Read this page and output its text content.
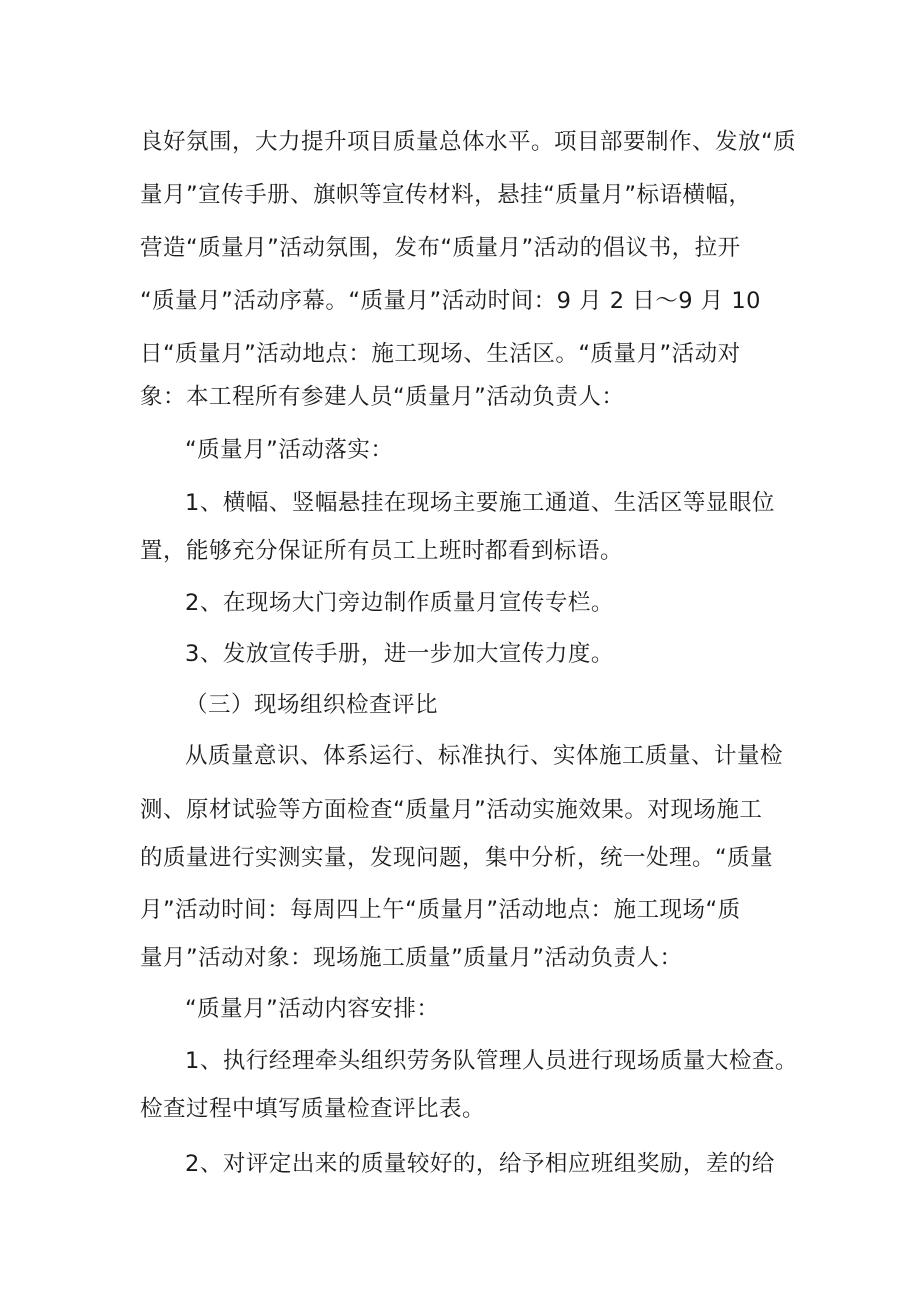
良好氛围，大力提升项目质量总体水平。项目部要制作、发放“质
量月”宣传手册、旗帜等宣传材料，悬挂“质量月”标语横幅，
营造“质量月”活动氛围，发布“质量月”活动的倡议书，拉开
“质量月”活动序幕。“质量月”活动时间：9 月 2 日～9 月 10
日“质量月”活动地点：施工现场、生活区。“质量月”活动对
象：本工程所有参建人员“质量月”活动负责人：
“质量月”活动落实：
1、横幅、竖幅悬挂在现场主要施工通道、生活区等显眼位
置，能够充分保证所有员工上班时都看到标语。
2、在现场大门旁边制作质量月宣传专栏。
3、发放宣传手册，进一步加大宣传力度。
（三）现场组织检查评比
从质量意识、体系运行、标准执行、实体施工质量、计量检
测、原材试验等方面检查“质量月”活动实施效果。对现场施工
的质量进行实测实量，发现问题，集中分析，统一处理。“质量
月”活动时间：每周四上午“质量月”活动地点：施工现场“质
量月”活动对象：现场施工质量”质量月”活动负责人：
“质量月”活动内容安排：
1、执行经理牵头组织劳务队管理人员进行现场质量大检查。
检查过程中填写质量检查评比表。
2、对评定出来的质量较好的，给予相应班组奖励，差的给
